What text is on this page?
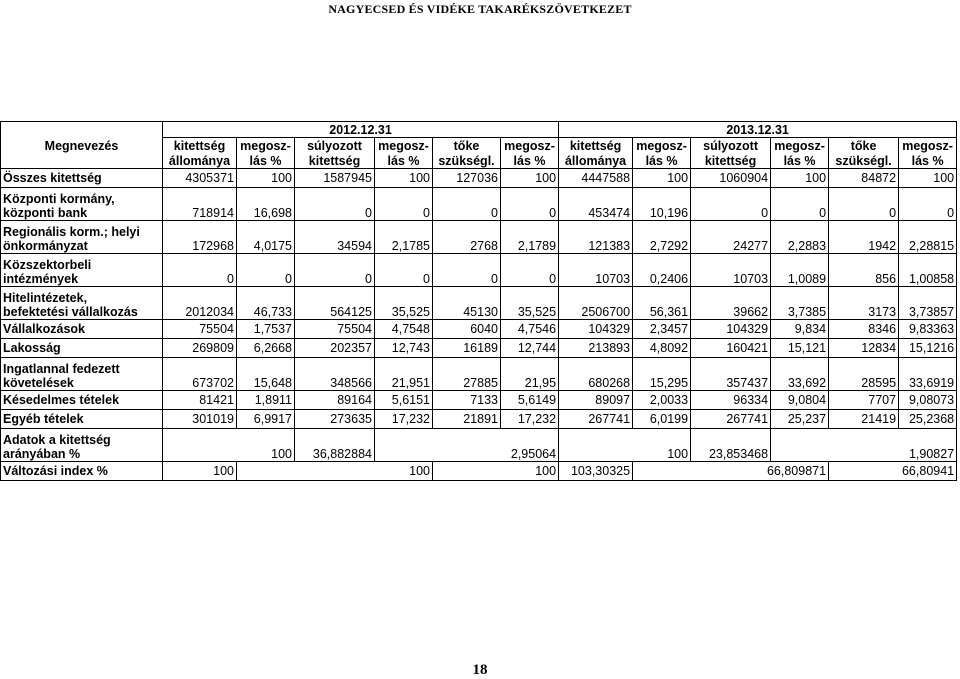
NAGYECSED ÉS VIDÉKE TAKARÉKSZÖVETKEZET
	2012.12.31						2013.12.31					
Megnevezés	kitettség	megosz-	súlyozott	megosz-	tőke	megosz-	kitettség	megosz-	súlyozott	megosz-	tőke	megosz-
	állománya	lás %	kitettség	lás %	szükségl.	lás %	állománya	lás %	kitettség	lás %	szükségl.	lás %

Összes kitettség	4305371	100	1587945	100	127036	100	4447588	100	1060904	100	84872	100

Központi kormány,
központi bank	718914	16,698	0	0	0	0	453474	10,196	0	0	0	0

Regionális korm.; helyi
önkormányzat	172968	4,0175	34594	2,1785	2768	2,1789	121383	2,7292	24277	2,2883	1942	2,28815

Közszektorbeli
intézmények	0	0	0	0	0	0	10703	0,2406	10703	1,0089	856	1,00858

Hitelintézetek,
befektetési vállalkozás	2012034	46,733	564125	35,525	45130	35,525	2506700	56,361	39662	3,7385	3173	3,73857

Vállalkozások	75504	1,7537	75504	4,7548	6040	4,7546	104329	2,3457	104329	9,834	8346	9,83363

Lakosság	269809	6,2668	202357	12,743	16189	12,744	213893	4,8092	160421	15,121	12834	15,1216

Ingatlannal fedezett
követelések	673702	15,648	348566	21,951	27885	21,95	680268	15,295	357437	33,692	28595	33,6919

Késedelmes tételek	81421	1,8911	89164	5,6151	7133	5,6149	89097	2,0033	96334	9,0804	7707	9,08073

Egyéb tételek	301019	6,9917	273635	17,232	21891	17,232	267741	6,0199	267741	25,237	21419	25,2368

Adatok a kitettség
arányában %	100		36,882884	2,95064			100		23,853468	1,90827		
Változási index %	100	100			100		103,30325	66,809871			66,80941	
18
